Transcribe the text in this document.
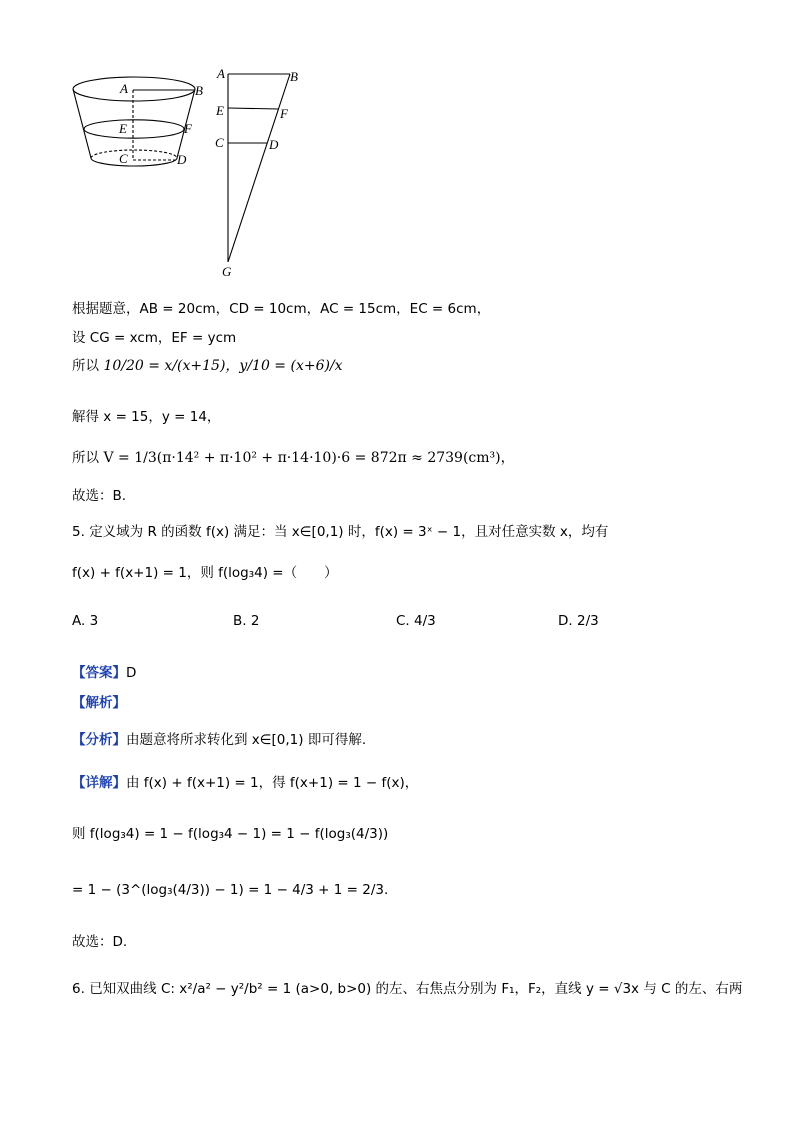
A	B
E	F
C	D
A	B
E	F
C	D
G
根据题意，AB = 20cm，CD = 10cm，AC = 15cm，EC = 6cm，
设 CG = xcm，EF = ycm
所以 10/20 = x/(x+15)，y/10 = (x+6)/x
解得 x = 15，y = 14，
所以 V = 1/3(π·14² + π·10² + π·14·10)·6 = 872π ≈ 2739(cm³)，
故选：B.
5. 定义域为 R 的函数 f(x) 满足：当 x∈[0,1) 时，f(x) = 3ˣ − 1，且对任意实数 x，均有
f(x) + f(x+1) = 1，则 f(log₃4) =（　　）
A. 3	B. 2	C. 4/3	D. 2/3
【答案】D
【解析】
【分析】由题意将所求转化到 x∈[0,1) 即可得解.
【详解】由 f(x) + f(x+1) = 1，得 f(x+1) = 1 − f(x)，
则 f(log₃4) = 1 − f(log₃4 − 1) = 1 − f(log₃(4/3))
= 1 − (3^(log₃(4/3)) − 1) = 1 − 4/3 + 1 = 2/3.
故选：D.
6. 已知双曲线 C: x²/a² − y²/b² = 1 (a>0, b>0) 的左、右焦点分别为 F₁，F₂，直线 y = √3x 与 C 的左、右两
